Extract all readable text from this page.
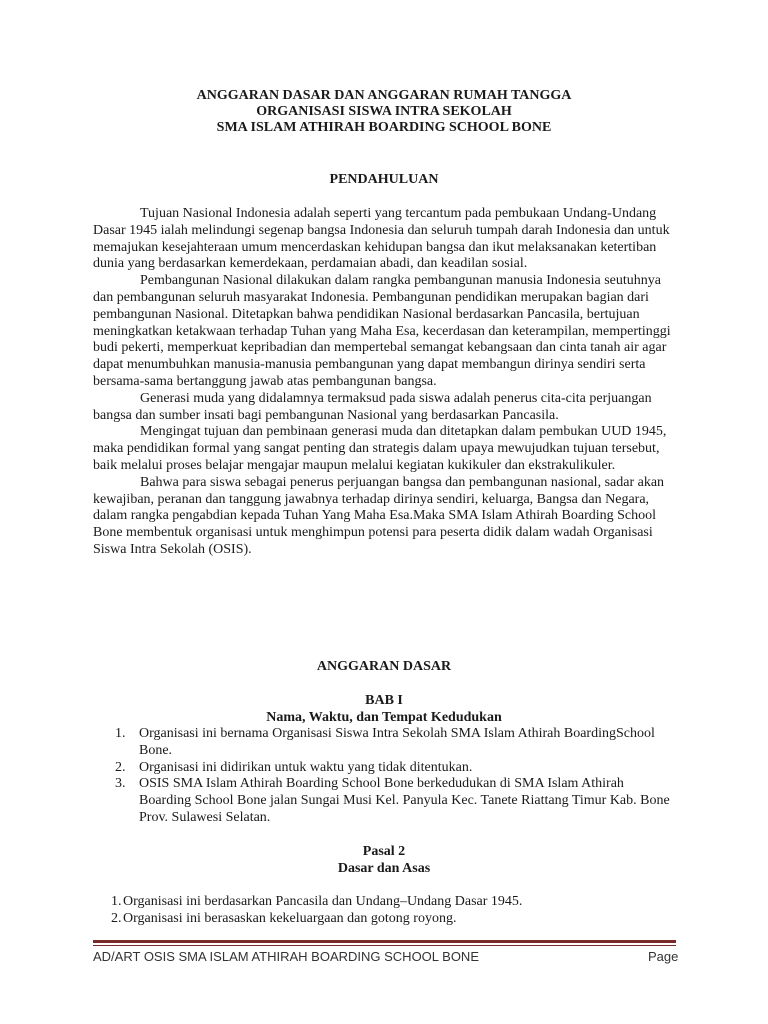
ANGGARAN DASAR DAN ANGGARAN RUMAH TANGGA
ORGANISASI SISWA INTRA SEKOLAH
SMA ISLAM ATHIRAH BOARDING SCHOOL BONE
PENDAHULUAN

Tujuan Nasional Indonesia adalah seperti yang tercantum pada pembukaan Undang-Undang Dasar 1945 ialah melindungi segenap bangsa Indonesia dan seluruh tumpah darah Indonesia dan untuk memajukan kesejahteraan umum mencerdaskan kehidupan bangsa dan ikut melaksanakan ketertiban dunia yang berdasarkan kemerdekaan, perdamaian abadi, dan keadilan sosial.

Pembangunan Nasional dilakukan dalam rangka pembangunan manusia Indonesia seutuhnya dan pembangunan seluruh masyarakat Indonesia. Pembangunan pendidikan merupakan bagian dari pembangunan Nasional. Ditetapkan bahwa pendidikan Nasional berdasarkan Pancasila, bertujuan meningkatkan ketakwaan terhadap Tuhan yang Maha Esa, kecerdasan dan keterampilan, mempertinggi budi pekerti, memperkuat kepribadian dan mempertebal semangat kebangsaan dan cinta tanah air agar dapat menumbuhkan manusia-manusia pembangunan yang dapat membangun dirinya sendiri serta bersama-sama bertanggung jawab atas pembangunan bangsa.

Generasi muda yang didalamnya termaksud pada siswa adalah penerus cita-cita perjuangan bangsa dan sumber insati bagi pembangunan Nasional yang berdasarkan Pancasila.

Mengingat tujuan dan pembinaan generasi muda dan ditetapkan dalam pembukan UUD 1945, maka pendidikan formal yang sangat penting dan strategis dalam upaya mewujudkan tujuan tersebut, baik melalui proses belajar mengajar maupun melalui kegiatan kukikuler dan ekstrakulikuler.

Bahwa para siswa sebagai penerus perjuangan bangsa dan pembangunan nasional, sadar akan kewajiban, peranan dan tanggung jawabnya terhadap dirinya sendiri, keluarga, Bangsa dan Negara, dalam rangka pengabdian kepada Tuhan Yang Maha Esa.Maka SMA Islam Athirah Boarding School Bone membentuk organisasi untuk menghimpun potensi para peserta didik dalam wadah Organisasi Siswa Intra Sekolah (OSIS).

ANGGARAN DASAR
BAB I
Nama, Waktu, dan Tempat Kedudukan
1. Organisasi ini bernama Organisasi Siswa Intra Sekolah SMA Islam Athirah BoardingSchool Bone.
2. Organisasi ini didirikan untuk waktu yang tidak ditentukan.
3. OSIS SMA Islam Athirah Boarding School Bone berkedudukan di SMA Islam Athirah Boarding School Bone jalan Sungai Musi Kel. Panyula Kec. Tanete Riattang Timur Kab. Bone Prov. Sulawesi Selatan.
Pasal 2
Dasar dan Asas
1. Organisasi ini berdasarkan Pancasila dan Undang–Undang Dasar 1945.
2. Organisasi ini berasaskan kekeluargaan dan gotong royong.
AD/ART OSIS SMA ISLAM ATHIRAH BOARDING SCHOOL BONE	Page
